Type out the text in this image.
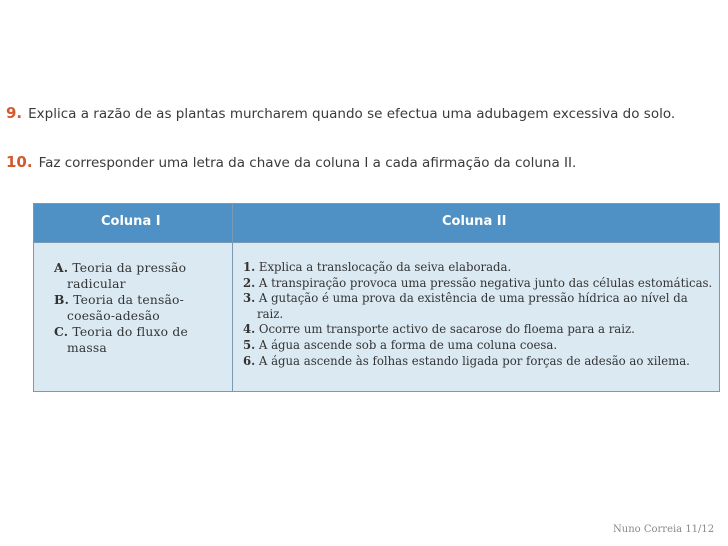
9. Explica a razão de as plantas murcharem quando se efectua uma adubagem excessiva do solo.
10. Faz corresponder uma letra da chave da coluna I a cada afirmação da coluna II.
Coluna I	Coluna II
A. Teoria da pressão radicular
B. Teoria da tensão-coesão-adesão
C. Teoria do fluxo de massa
1. Explica a translocação da seiva elaborada.
2. A transpiração provoca uma pressão negativa junto das células estomáticas.
3. A gutação é uma prova da existência de uma pressão hídrica ao nível da raiz.
4. Ocorre um transporte activo de sacarose do floema para a raiz.
5. A água ascende sob a forma de uma coluna coesa.
6. A água ascende às folhas estando ligada por forças de adesão ao xilema.
Nuno Correia 11/12
